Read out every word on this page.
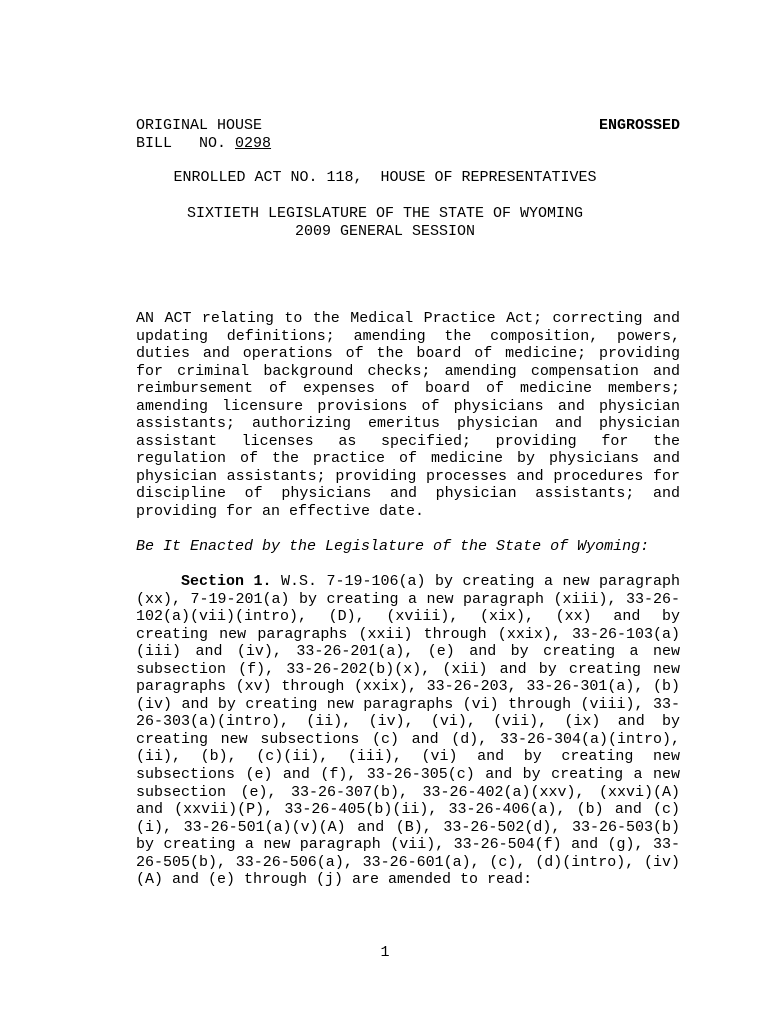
ORIGINAL HOUSE
BILL   NO. 0298
ENGROSSED
ENROLLED ACT NO. 118,  HOUSE OF REPRESENTATIVES
SIXTIETH LEGISLATURE OF THE STATE OF WYOMING
2009 GENERAL SESSION

AN ACT relating to the Medical Practice Act; correcting and updating definitions; amending the composition, powers, duties and operations of the board of medicine; providing for criminal background checks; amending compensation and reimbursement of expenses of board of medicine members; amending licensure provisions of physicians and physician assistants; authorizing emeritus physician and physician assistant licenses as specified; providing for the regulation of the practice of medicine by physicians and physician assistants; providing processes and procedures for discipline of physicians and physician assistants; and providing for an effective date.

Be It Enacted by the Legislature of the State of Wyoming:

Section 1. W.S. 7-19-106(a) by creating a new paragraph (xx), 7-19-201(a) by creating a new paragraph (xiii), 33-26-102(a)(vii)(intro), (D), (xviii), (xix), (xx) and by creating new paragraphs (xxii) through (xxix), 33-26-103(a)(iii) and (iv), 33-26-201(a), (e) and by creating a new subsection (f), 33-26-202(b)(x), (xii) and by creating new paragraphs (xv) through (xxix), 33-26-203, 33-26-301(a), (b)(iv) and by creating new paragraphs (vi) through (viii), 33-26-303(a)(intro), (ii), (iv), (vi), (vii), (ix) and by creating new subsections (c) and (d), 33-26-304(a)(intro), (ii), (b), (c)(ii), (iii), (vi) and by creating new subsections (e) and (f), 33-26-305(c) and by creating a new subsection (e), 33-26-307(b), 33-26-402(a)(xxv), (xxvi)(A) and (xxvii)(P), 33-26-405(b)(ii), 33-26-406(a), (b) and (c)(i), 33-26-501(a)(v)(A) and (B), 33-26-502(d), 33-26-503(b) by creating a new paragraph (vii), 33-26-504(f) and (g), 33-26-505(b), 33-26-506(a), 33-26-601(a), (c), (d)(intro), (iv)(A) and (e) through (j) are amended to read:

1
